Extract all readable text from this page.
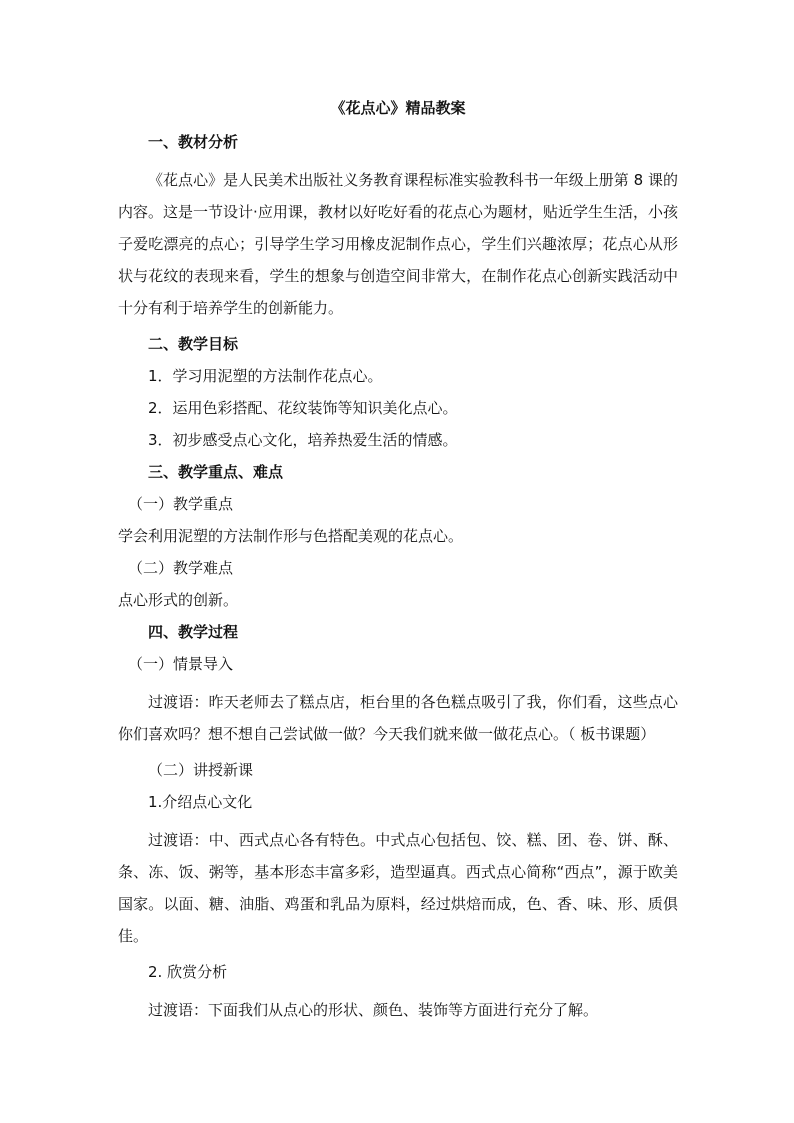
《花点心》精品教案
一、教材分析

《花点心》是人民美术出版社义务教育课程标准实验教科书一年级上册第 8 课的内容。这是一节设计·应用课，教材以好吃好看的花点心为题材，贴近学生生活，小孩子爱吃漂亮的点心；引导学生学习用橡皮泥制作点心，学生们兴趣浓厚；花点心从形状与花纹的表现来看，学生的想象与创造空间非常大，在制作花点心创新实践活动中十分有利于培养学生的创新能力。

二、教学目标
1．学习用泥塑的方法制作花点心。
2．运用色彩搭配、花纹装饰等知识美化点心。
3．初步感受点心文化，培养热爱生活的情感。
三、教学重点、难点
（一）教学重点
学会利用泥塑的方法制作形与色搭配美观的花点心。
（二）教学难点
点心形式的创新。
四、教学过程
（一）情景导入

过渡语：昨天老师去了糕点店，柜台里的各色糕点吸引了我，你们看，这些点心你们喜欢吗？想不想自己尝试做一做？今天我们就来做一做花点心。（ 板书课题）

（二）讲授新课
1.介绍点心文化

过渡语：中、西式点心各有特色。中式点心包括包、饺、糕、团、卷、饼、酥、条、冻、饭、粥等，基本形态丰富多彩，造型逼真。西式点心简称“西点”，源于欧美国家。以面、糖、油脂、鸡蛋和乳品为原料，经过烘焙而成，色、香、味、形、质俱佳。

2. 欣赏分析

过渡语：下面我们从点心的形状、颜色、装饰等方面进行充分了解。
